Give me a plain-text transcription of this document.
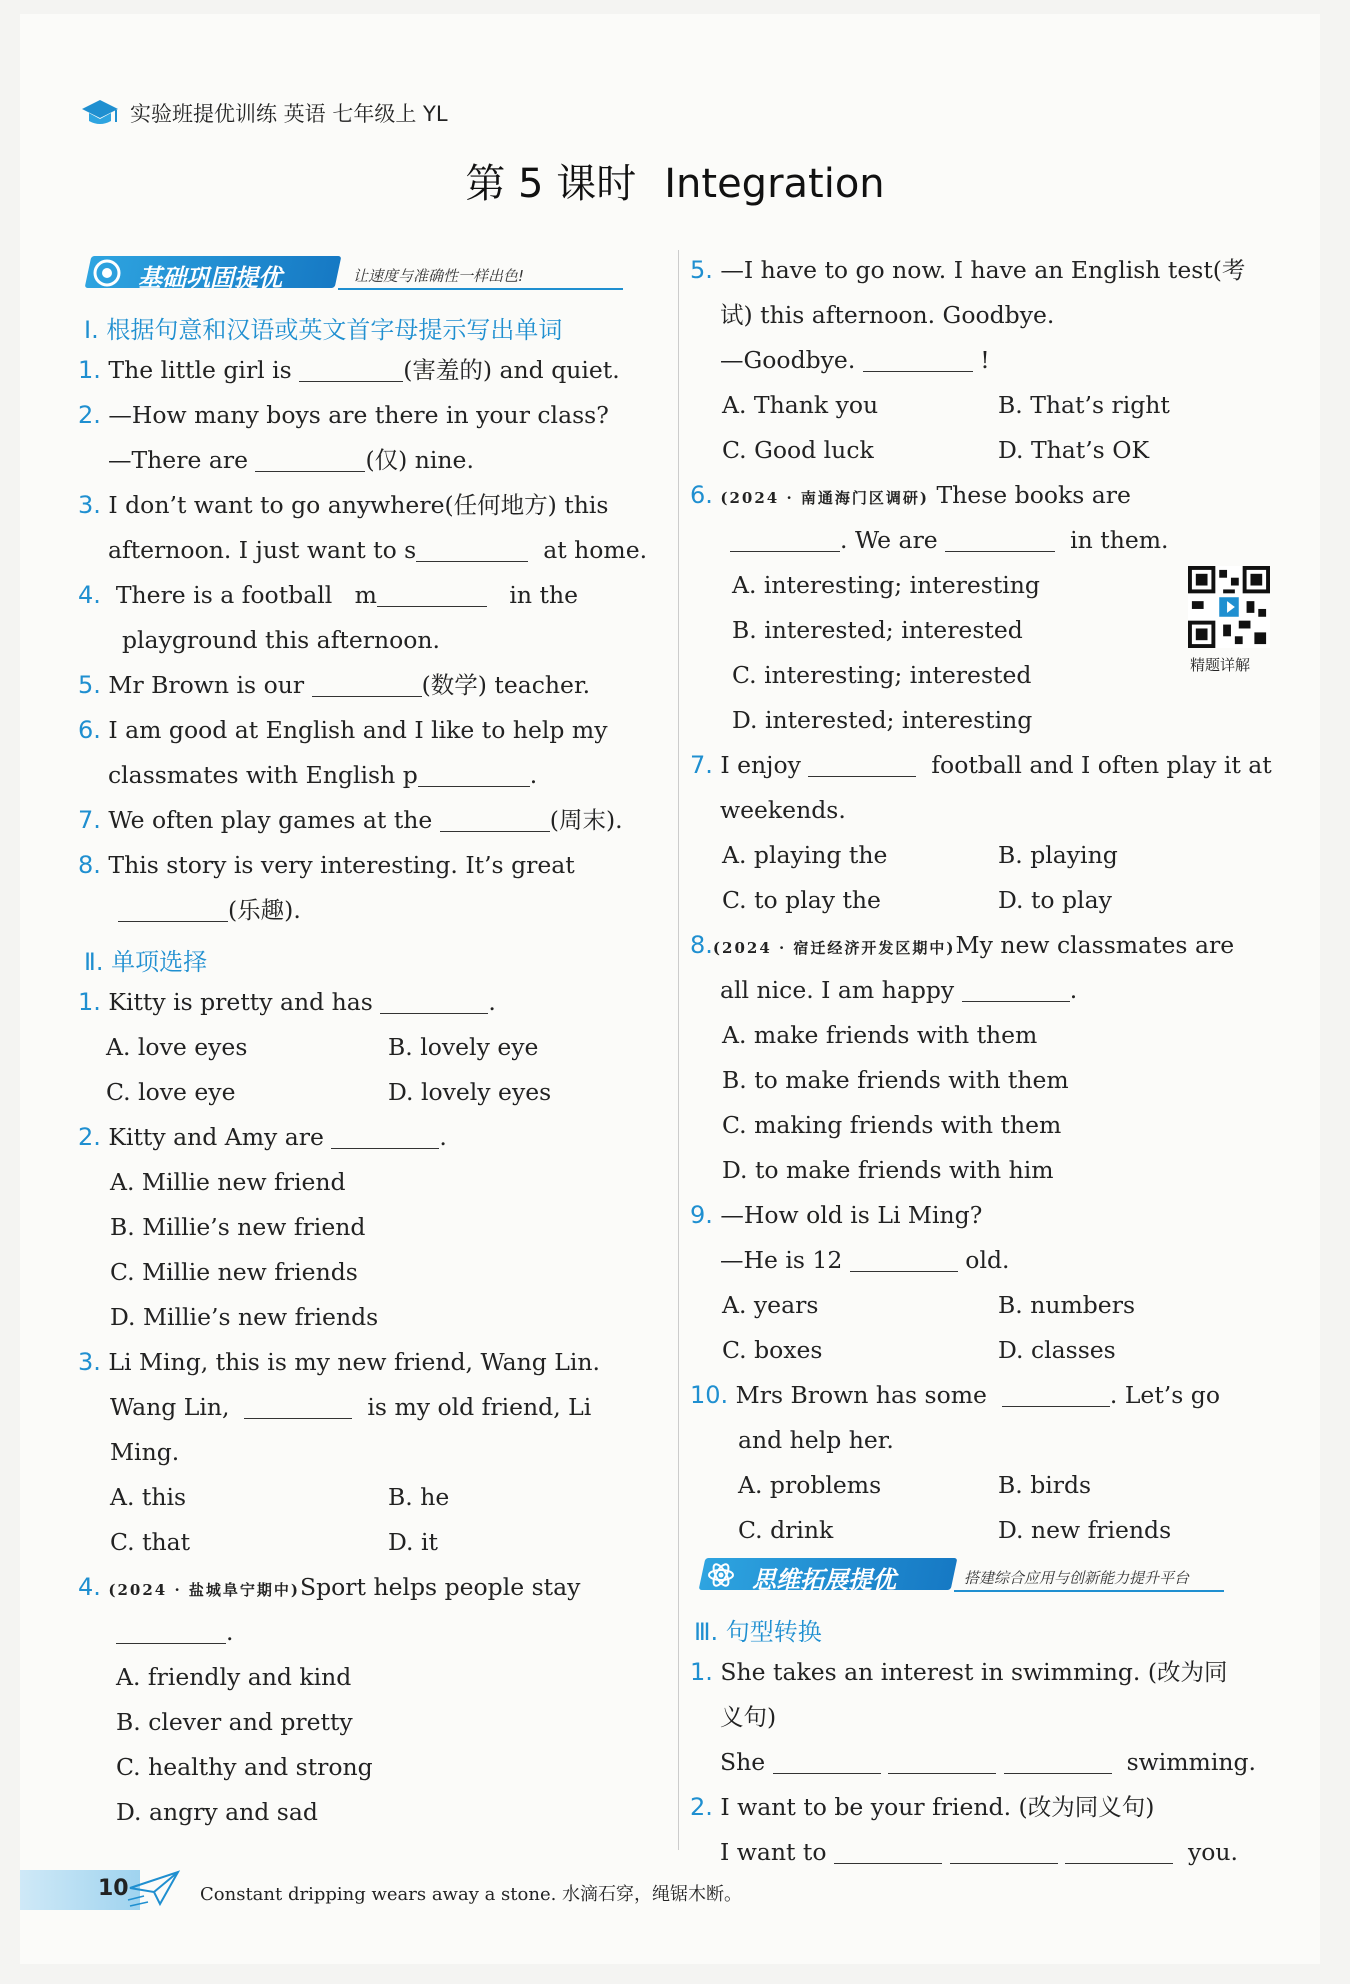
实验班提优训练 英语 七年级上 YL
第 5 课时 Integration
基础巩固提优	让速度与准确性一样出色!
Ⅰ. 根据句意和汉语或英文首字母提示写出单词
1. The little girl is	(害羞的) and quiet.
2. —How many boys are there in your class?
—There are	(仅) nine.
3. I don’t want to go anywhere(任何地方) this
afternoon. I just want to s	at home.
4. There is a football m	in the
playground this afternoon.
5. Mr Brown is our	(数学) teacher.
6. I am good at English and I like to help my
classmates with English p	.
7. We often play games at the	(周末).
8. This story is very interesting. It’s great
(乐趣).
Ⅱ. 单项选择
1. Kitty is pretty and has	.
A. love eyes	B. lovely eye
C. love eye	D. lovely eyes
2. Kitty and Amy are	.
A. Millie new friend
B. Millie’s new friend
C. Millie new friends
D. Millie’s new friends
3. Li Ming, this is my new friend, Wang Lin.
Wang Lin,	is my old friend, Li
Ming.
A. this	B. he
C. that	D. it
4. (2024 · 盐城阜宁期中)Sport helps people stay
.
A. friendly and kind
B. clever and pretty
C. healthy and strong
D. angry and sad
5. —I have to go now. I have an English test(考
试) this afternoon. Goodbye.
—Goodbye.	!
A. Thank you	B. That’s right
C. Good luck	D. That’s OK
6. (2024 · 南通海门区调研) These books are
. We are	in them.
A. interesting; interesting
B. interested; interested
C. interesting; interested
D. interested; interesting
精题详解
7. I enjoy	football and I often play it at
weekends.
A. playing the	B. playing
C. to play the	D. to play
8.(2024 · 宿迁经济开发区期中)My new classmates are
all nice. I am happy	.
A. make friends with them
B. to make friends with them
C. making friends with them
D. to make friends with him
9. —How old is Li Ming?
—He is 12	old.
A. years	B. numbers
C. boxes	D. classes
10. Mrs Brown has some	. Let’s go
and help her.
A. problems	B. birds
C. drink	D. new friends
思维拓展提优	搭建综合应用与创新能力提升平台
Ⅲ. 句型转换
1. She takes an interest in swimming. (改为同
义句)
She	swimming.
2. I want to be your friend. (改为同义句)
I want to	you.
10	Constant dripping wears away a stone. 水滴石穿，绳锯木断。
